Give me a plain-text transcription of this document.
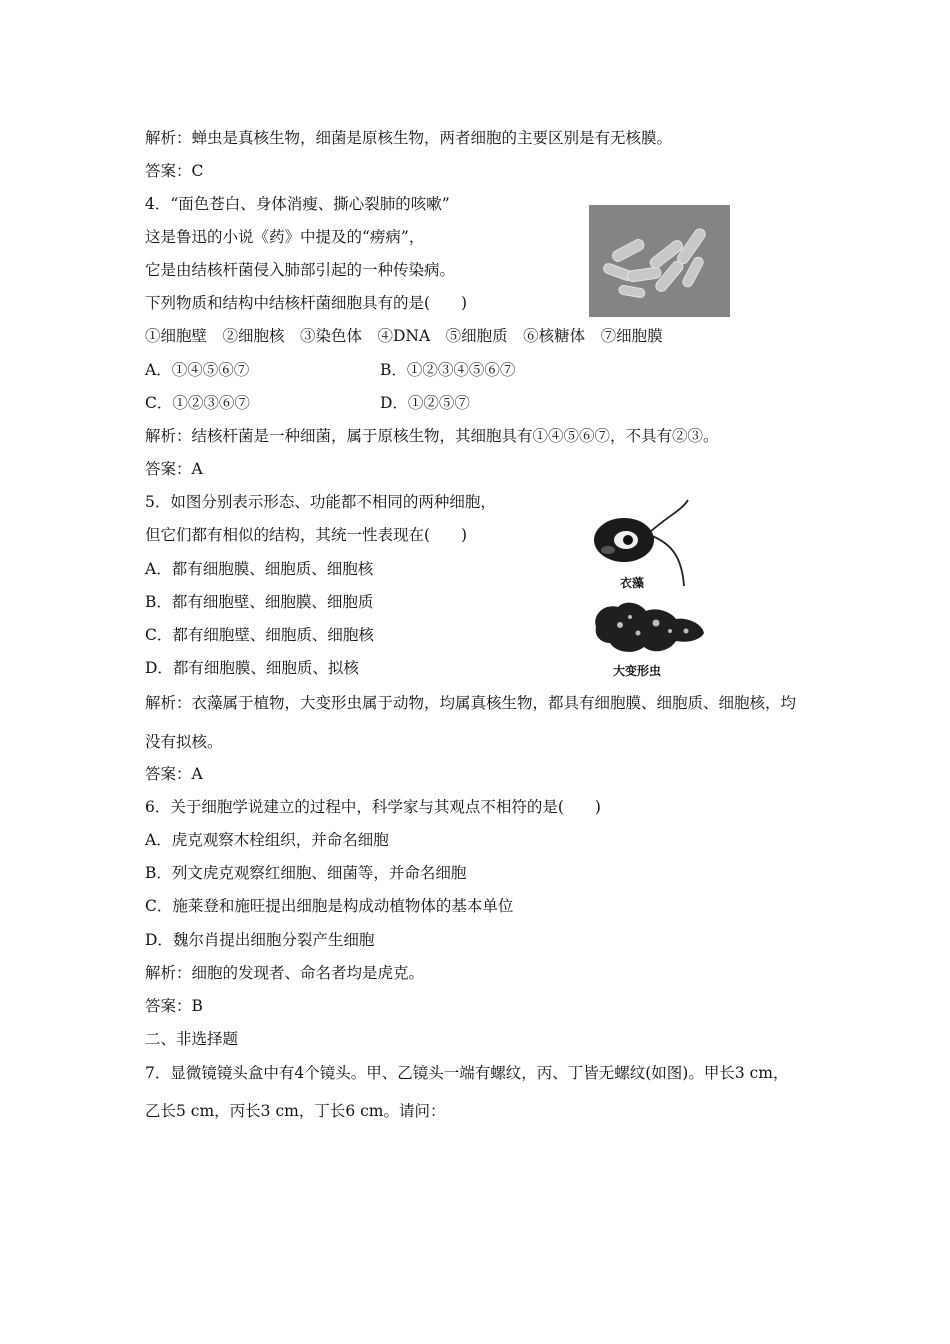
解析：蝉虫是真核生物，细菌是原核生物，两者细胞的主要区别是有无核膜。
答案：C
4．“面色苍白、身体消瘦、撕心裂肺的咳嗽”
这是鲁迅的小说《药》中提及的“痨病”，
它是由结核杆菌侵入肺部引起的一种传染病。
下列物质和结构中结核杆菌细胞具有的是(　　)
①细胞壁　②细胞核　③染色体　④DNA　⑤细胞质　⑥核糖体　⑦细胞膜
A．①④⑤⑥⑦	B．①②③④⑤⑥⑦
C．①②③⑥⑦	D．①②⑤⑦
解析：结核杆菌是一种细菌，属于原核生物，其细胞具有①④⑤⑥⑦，不具有②③。
答案：A
5．如图分别表示形态、功能都不相同的两种细胞，
但它们都有相似的结构，其统一性表现在(　　)
A．都有细胞膜、细胞质、细胞核
B．都有细胞壁、细胞膜、细胞质
C．都有细胞壁、细胞质、细胞核
D．都有细胞膜、细胞质、拟核
衣藻
大变形虫
解析：衣藻属于植物，大变形虫属于动物，均属真核生物，都具有细胞膜、细胞质、细胞核，均
没有拟核。
答案：A
6．关于细胞学说建立的过程中，科学家与其观点不相符的是(　　)
A．虎克观察木栓组织，并命名细胞
B．列文虎克观察红细胞、细菌等，并命名细胞
C．施莱登和施旺提出细胞是构成动植物体的基本单位
D．魏尔肖提出细胞分裂产生细胞
解析：细胞的发现者、命名者均是虎克。
答案：B
二、非选择题
7．显微镜镜头盒中有4个镜头。甲、乙镜头一端有螺纹，丙、丁皆无螺纹(如图)。甲长3 cm，
乙长5 cm，丙长3 cm，丁长6 cm。请问：
